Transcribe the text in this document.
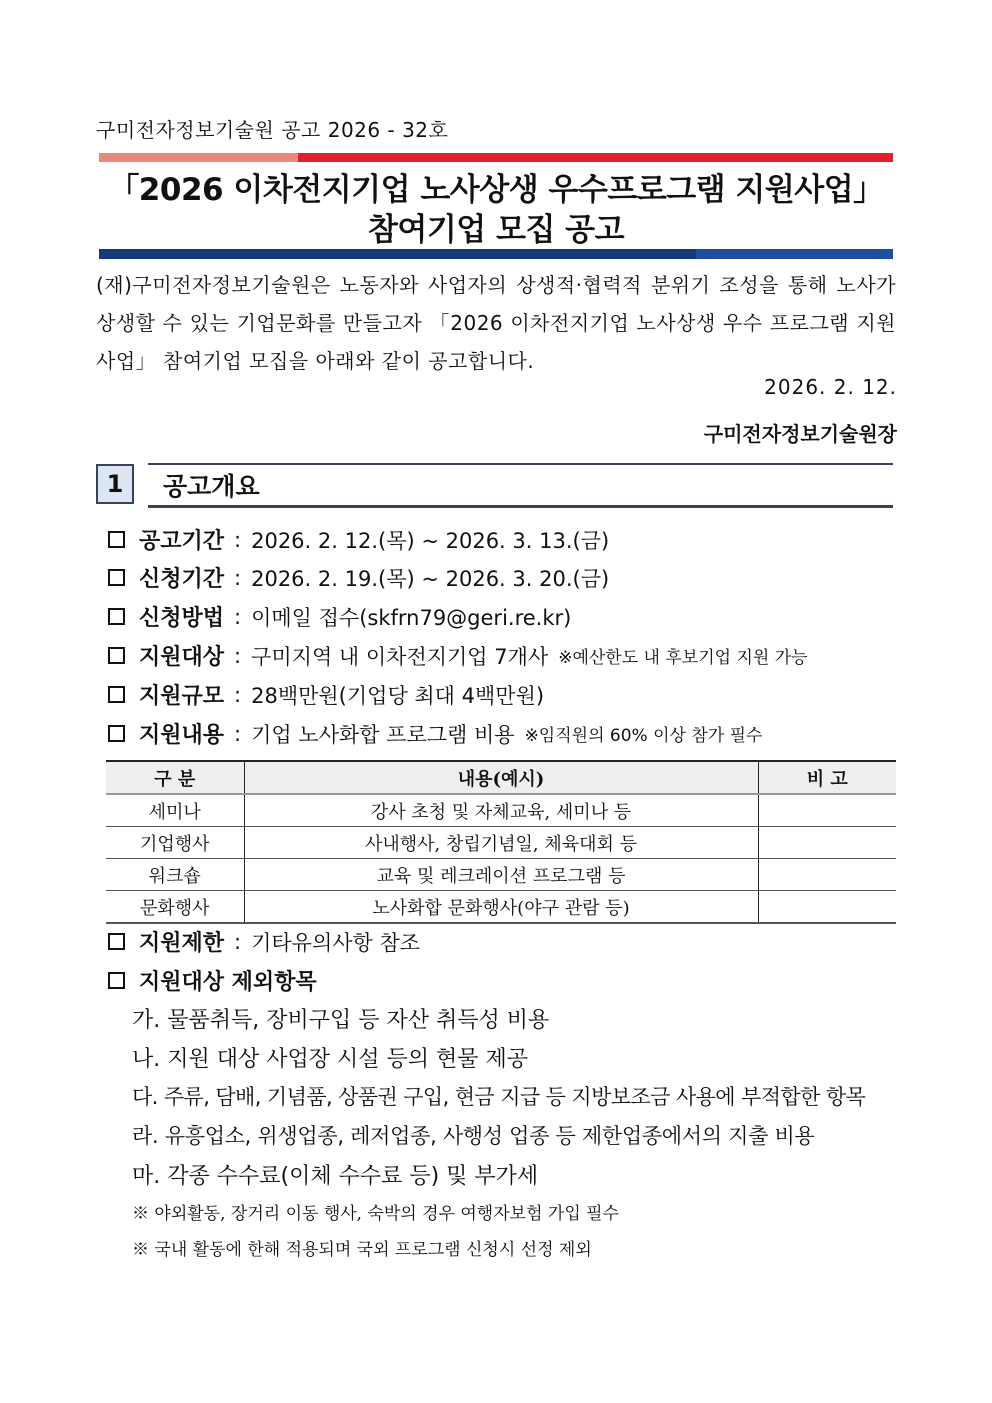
구미전자정보기술원 공고 2026 - 32호
「2026 이차전지기업 노사상생 우수프로그램 지원사업」
참여기업 모집 공고
(재)구미전자정보기술원은 노동자와 사업자의 상생적·협력적 분위기 조성을 통해 노사가 상생할 수 있는 기업문화를 만들고자 「2026 이차전지기업 노사상생 우수 프로그램 지원사업」 참여기업 모집을 아래와 같이 공고합니다.
2026. 2. 12.
구미전자정보기술원장
1	공고개요
공고기간 : 2026. 2. 12.(목) ~ 2026. 3. 13.(금)
신청기간 : 2026. 2. 19.(목) ~ 2026. 3. 20.(금)
신청방법 : 이메일 접수(skfrn79@geri.re.kr)
지원대상 : 구미지역 내 이차전지기업 7개사 ※예산한도 내 후보기업 지원 가능
지원규모 : 28백만원(기업당 최대 4백만원)
지원내용 : 기업 노사화합 프로그램 비용 ※임직원의 60% 이상 참가 필수
구 분	내용(예시)	비 고
세미나	강사 초청 및 자체교육, 세미나 등	
기업행사	사내행사, 창립기념일, 체육대회 등	
워크숍	교육 및 레크레이션 프로그램 등	
문화행사	노사화합 문화행사(야구 관람 등)	
지원제한 : 기타유의사항 참조
지원대상 제외항목
가. 물품취득, 장비구입 등 자산 취득성 비용
나. 지원 대상 사업장 시설 등의 현물 제공
다. 주류, 담배, 기념품, 상품권 구입, 현금 지급 등 지방보조금 사용에 부적합한 항목
라. 유흥업소, 위생업종, 레저업종, 사행성 업종 등 제한업종에서의 지출 비용
마. 각종 수수료(이체 수수료 등) 및 부가세
※ 야외활동, 장거리 이동 행사, 숙박의 경우 여행자보험 가입 필수
※ 국내 활동에 한해 적용되며 국외 프로그램 신청시 선정 제외
